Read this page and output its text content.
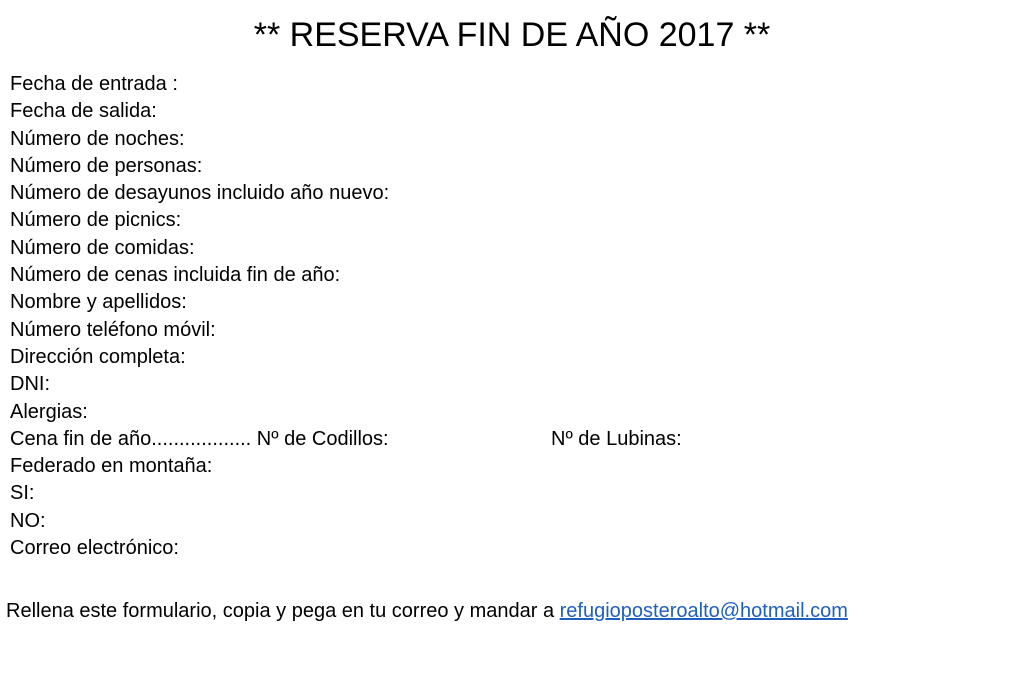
** RESERVA FIN DE AÑO 2017 **
Fecha de entrada :
Fecha de salida:
Número de noches:
Número de personas:
Número de desayunos incluido año nuevo:
Número de picnics:
Número de comidas:
Número de cenas incluida fin de año:
Nombre y apellidos:
Número teléfono móvil:
Dirección completa:
DNI:
Alergias:
Cena fin de año.................. Nº de Codillos:	Nº de Lubinas:
Federado en montaña:
SI:
NO:
Correo electrónico:
Rellena este formulario, copia y pega en tu correo y mandar a refugioposteroalto@hotmail.com
